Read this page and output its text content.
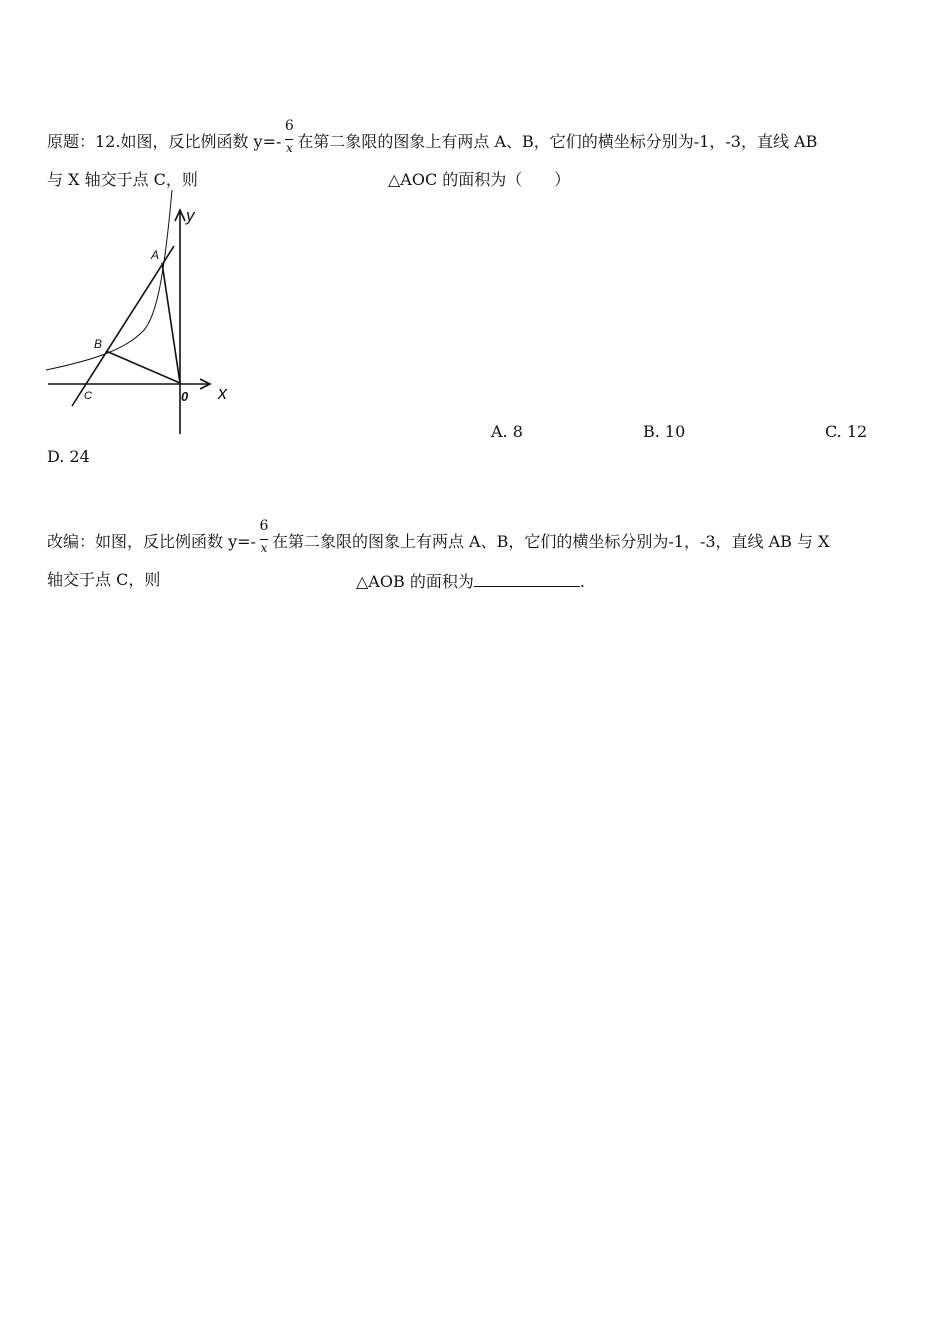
原题：12.如图，反比例函数 $y=- \frac{6}{x}$ 在第二象限的图象上有两点 A、B，它们的横坐标分别为-1，-3，直线 AB
与 X 轴交于点 C，则	△AOC 的面积为（　　）
y
x
A
B
C	0
A. 8	B. 10	C. 12
D. 24
改编：如图，反比例函数 $y=- \frac{6}{x}$ 在第二象限的图象上有两点 A、B，它们的横坐标分别为-1，-3，直线 AB 与 X
轴交于点 C，则	△AOB 的面积为	.
